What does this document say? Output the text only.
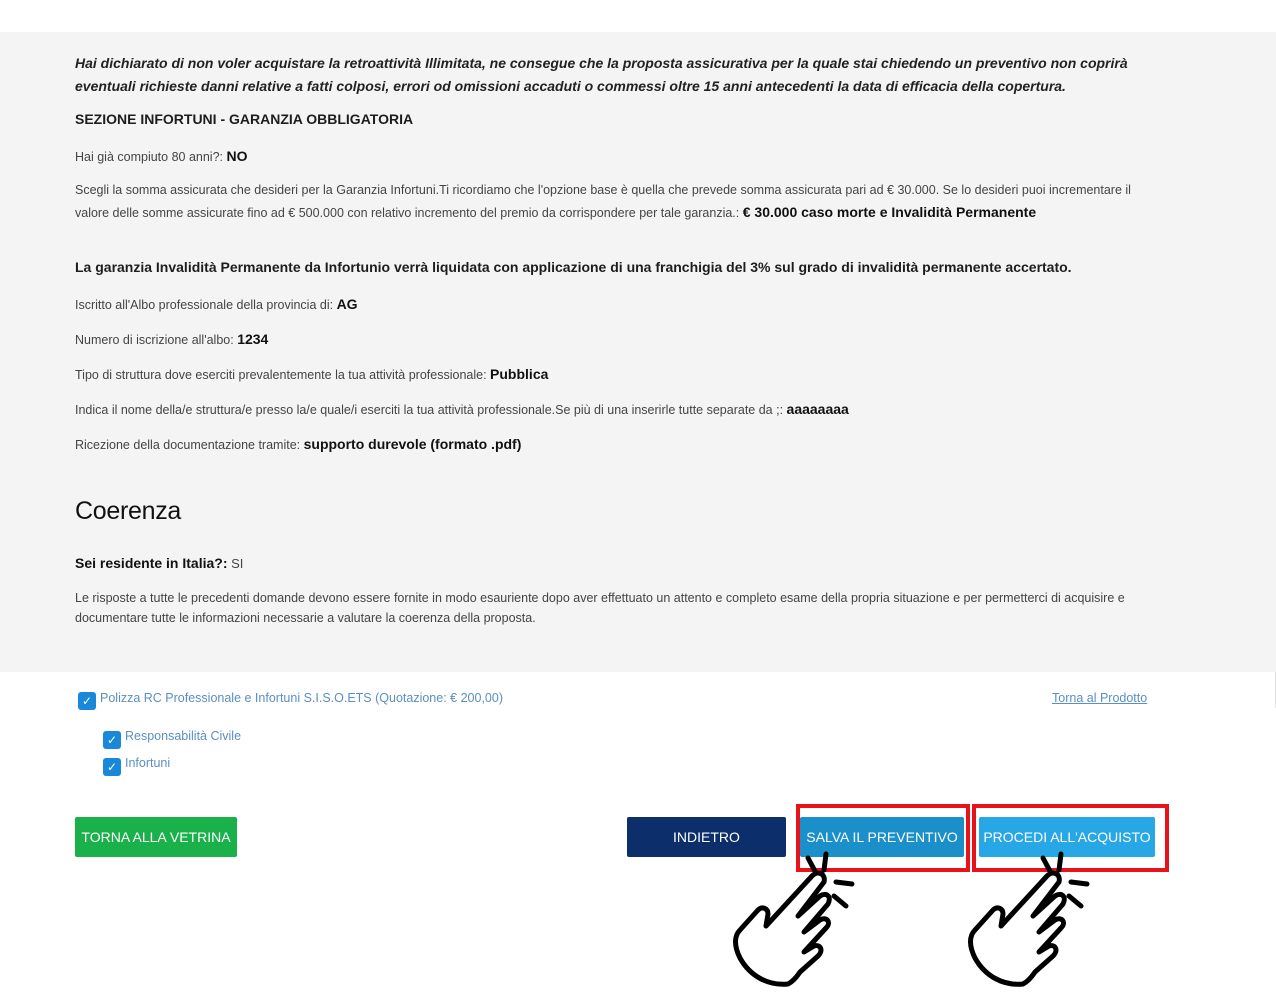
Hai dichiarato di non voler acquistare la retroattività Illimitata, ne consegue che la proposta assicurativa per la quale stai chiedendo un preventivo non coprirà eventuali richieste danni relative a fatti colposi, errori od omissioni accaduti o commessi oltre 15 anni antecedenti la data di efficacia della copertura.
SEZIONE INFORTUNI - GARANZIA OBBLIGATORIA
Hai già compiuto 80 anni?: NO
Scegli la somma assicurata che desideri per la Garanzia Infortuni.Ti ricordiamo che l'opzione base è quella che prevede somma assicurata pari ad € 30.000. Se lo desideri puoi incrementare il valore delle somme assicurate fino ad € 500.000 con relativo incremento del premio da corrispondere per tale garanzia.: € 30.000 caso morte e Invalidità Permanente
La garanzia Invalidità Permanente da Infortunio verrà liquidata con applicazione di una franchigia del 3% sul grado di invalidità permanente accertato.
Iscritto all'Albo professionale della provincia di: AG
Numero di iscrizione all'albo: 1234
Tipo di struttura dove eserciti prevalentemente la tua attività professionale: Pubblica
Indica il nome della/e struttura/e presso la/e quale/i eserciti la tua attività professionale.Se più di una inserirle tutte separate da ;: aaaaaaaa
Ricezione della documentazione tramite: supporto durevole (formato .pdf)
Coerenza
Sei residente in Italia?: SI
Le risposte a tutte le precedenti domande devono essere fornite in modo esauriente dopo aver effettuato un attento e completo esame della propria situazione e per permetterci di acquisire e documentare tutte le informazioni necessarie a valutare la coerenza della proposta.
✓ Polizza RC Professionale e Infortuni S.I.S.O.ETS (Quotazione: € 200,00)
✓ Responsabilità Civile
✓ Infortuni
Torna al Prodotto
TORNA ALLA VETRINA	INDIETRO	SALVA IL PREVENTIVO	PROCEDI ALL'ACQUISTO
